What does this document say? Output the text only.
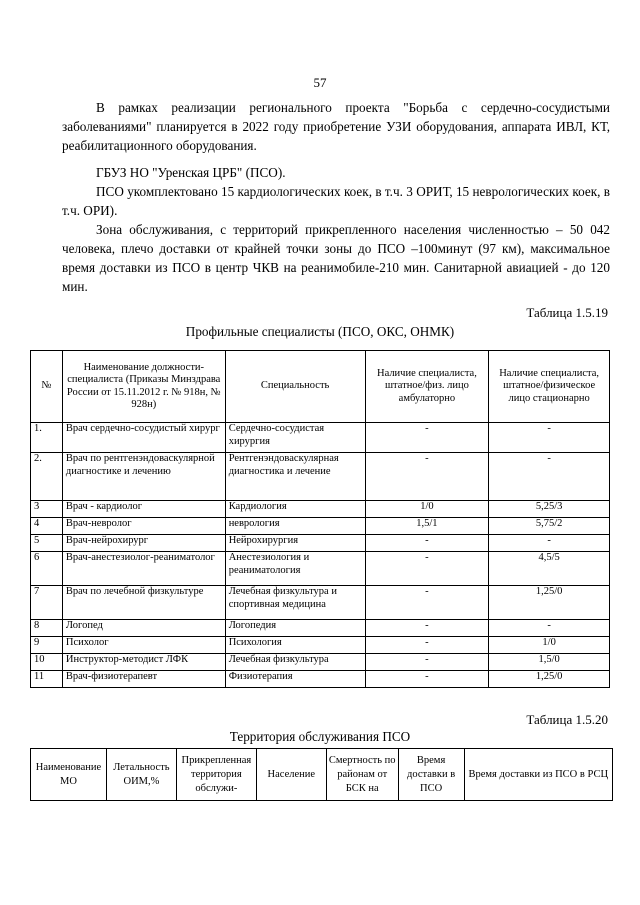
57

В рамках реализации регионального проекта "Борьба с сердечно-сосудистыми заболеваниями" планируется в 2022 году приобретение УЗИ оборудования, аппарата ИВЛ, КТ, реабилитационного оборудования.

ГБУЗ НО "Уренская ЦРБ" (ПСО).

ПСО укомплектовано 15 кардиологических коек, в т.ч. 3 ОРИТ, 15 неврологических коек, в т.ч. ОРИ).

Зона обслуживания, с территорий прикрепленного населения численностью – 50 042 человека, плечо доставки от крайней точки зоны до ПСО –100минут (97 км), максимальное время доставки из ПСО в центр ЧКВ на реанимобиле-210 мин. Санитарной авиацией - до 120 мин.

Таблица 1.5.19
Профильные специалисты (ПСО, ОКС, ОНМК)
№	Наименование должности-специалиста (Приказы Минздрава России от 15.11.2012 г. № 918н, № 928н)	Специальность	Наличие специалиста, штатное/физ. лицо амбулаторно	Наличие специалиста, штатное/физическое лицо стационарно
1.	Врач сердечно-сосудистый хирург	Сердечно-сосудистая хирургия	-	-
2.	Врач по рентгенэндоваскулярной диагностике и лечению	Рентгенэндоваскулярная диагностика и лечение	-	-
3	Врач - кардиолог	Кардиология	1/0	5,25/3
4	Врач-невролог	неврология	1,5/1	5,75/2
5	Врач-нейрохирург	Нейрохирургия	-	-
6	Врач-анестезиолог-реаниматолог	Анестезиология и реаниматология	-	4,5/5
7	Врач по лечебной физкультуре	Лечебная физкультура и спортивная медицина	-	1,25/0
8	Логопед	Логопедия	-	-
9	Психолог	Психология	-	1/0
10	Инструктор-методист ЛФК	Лечебная физкультура	-	1,5/0
11	Врач-физиотерапевт	Физиотерапия	-	1,25/0
Таблица 1.5.20
Территория обслуживания ПСО
Наименование МО	Летальность ОИМ,%	Прикрепленная территория обслужи-	Население	Смертность по районам от БСК на	Время доставки в ПСО	Время доставки из ПСО в РСЦ
